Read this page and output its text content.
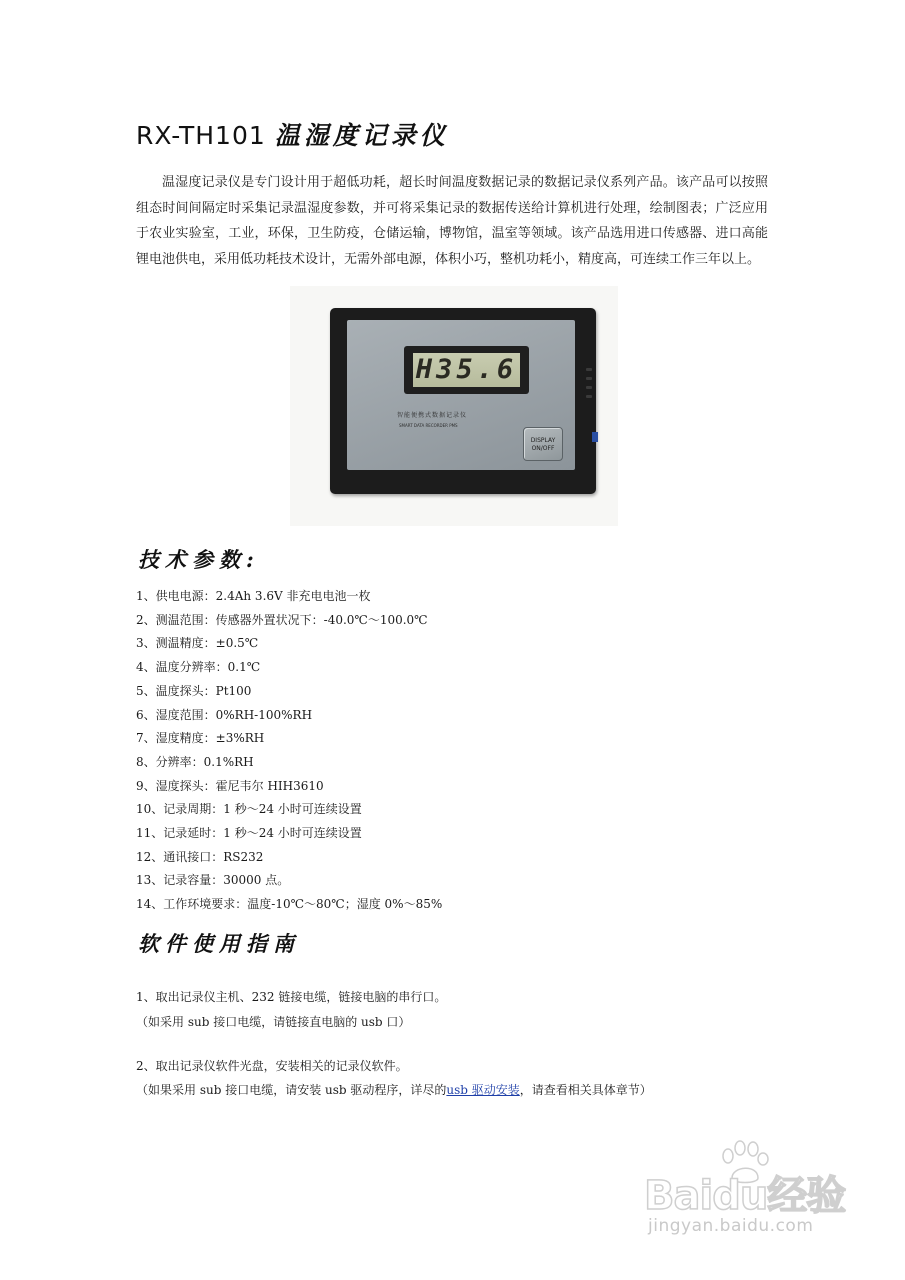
RX-TH101 温湿度记录仪

温湿度记录仪是专门设计用于超低功耗，超长时间温度数据记录的数据记录仪系列产品。该产品可以按照组态时间间隔定时采集记录温湿度参数，并可将采集记录的数据传送给计算机进行处理，绘制图表；广泛应用于农业实验室，工业，环保，卫生防疫，仓储运输，博物馆，温室等领域。该产品选用进口传感器、进口高能锂电池供电，采用低功耗技术设计，无需外部电源，体积小巧，整机功耗小，精度高，可连续工作三年以上。

H35.6
智能便携式数据记录仪
SMART DATA RECORDER PMS
DISPLAY
ON/OFF
技术参数:
1、供电电源：2.4Ah 3.6V 非充电电池一枚
2、测温范围：传感器外置状况下：-40.0℃～100.0℃
3、测温精度：±0.5℃
4、温度分辨率：0.1℃
5、温度探头：Pt100
6、湿度范围：0%RH-100%RH
7、湿度精度：±3%RH
8、分辨率：0.1%RH
9、湿度探头：霍尼韦尔 HIH3610
10、记录周期：1 秒～24 小时可连续设置
11、记录延时：1 秒～24 小时可连续设置
12、通讯接口：RS232
13、记录容量：30000 点。
14、工作环境要求：温度-10℃～80℃；湿度 0%～85%
软件使用指南
1、取出记录仪主机、232 链接电缆，链接电脑的串行口。
（如采用 sub 接口电缆，请链接直电脑的 usb 口）
2、取出记录仪软件光盘，安装相关的记录仪软件。
（如果采用 sub 接口电缆，请安装 usb 驱动程序，详尽的usb 驱动安装，请查看相关具体章节）
Baidu经验
jingyan.baidu.com
